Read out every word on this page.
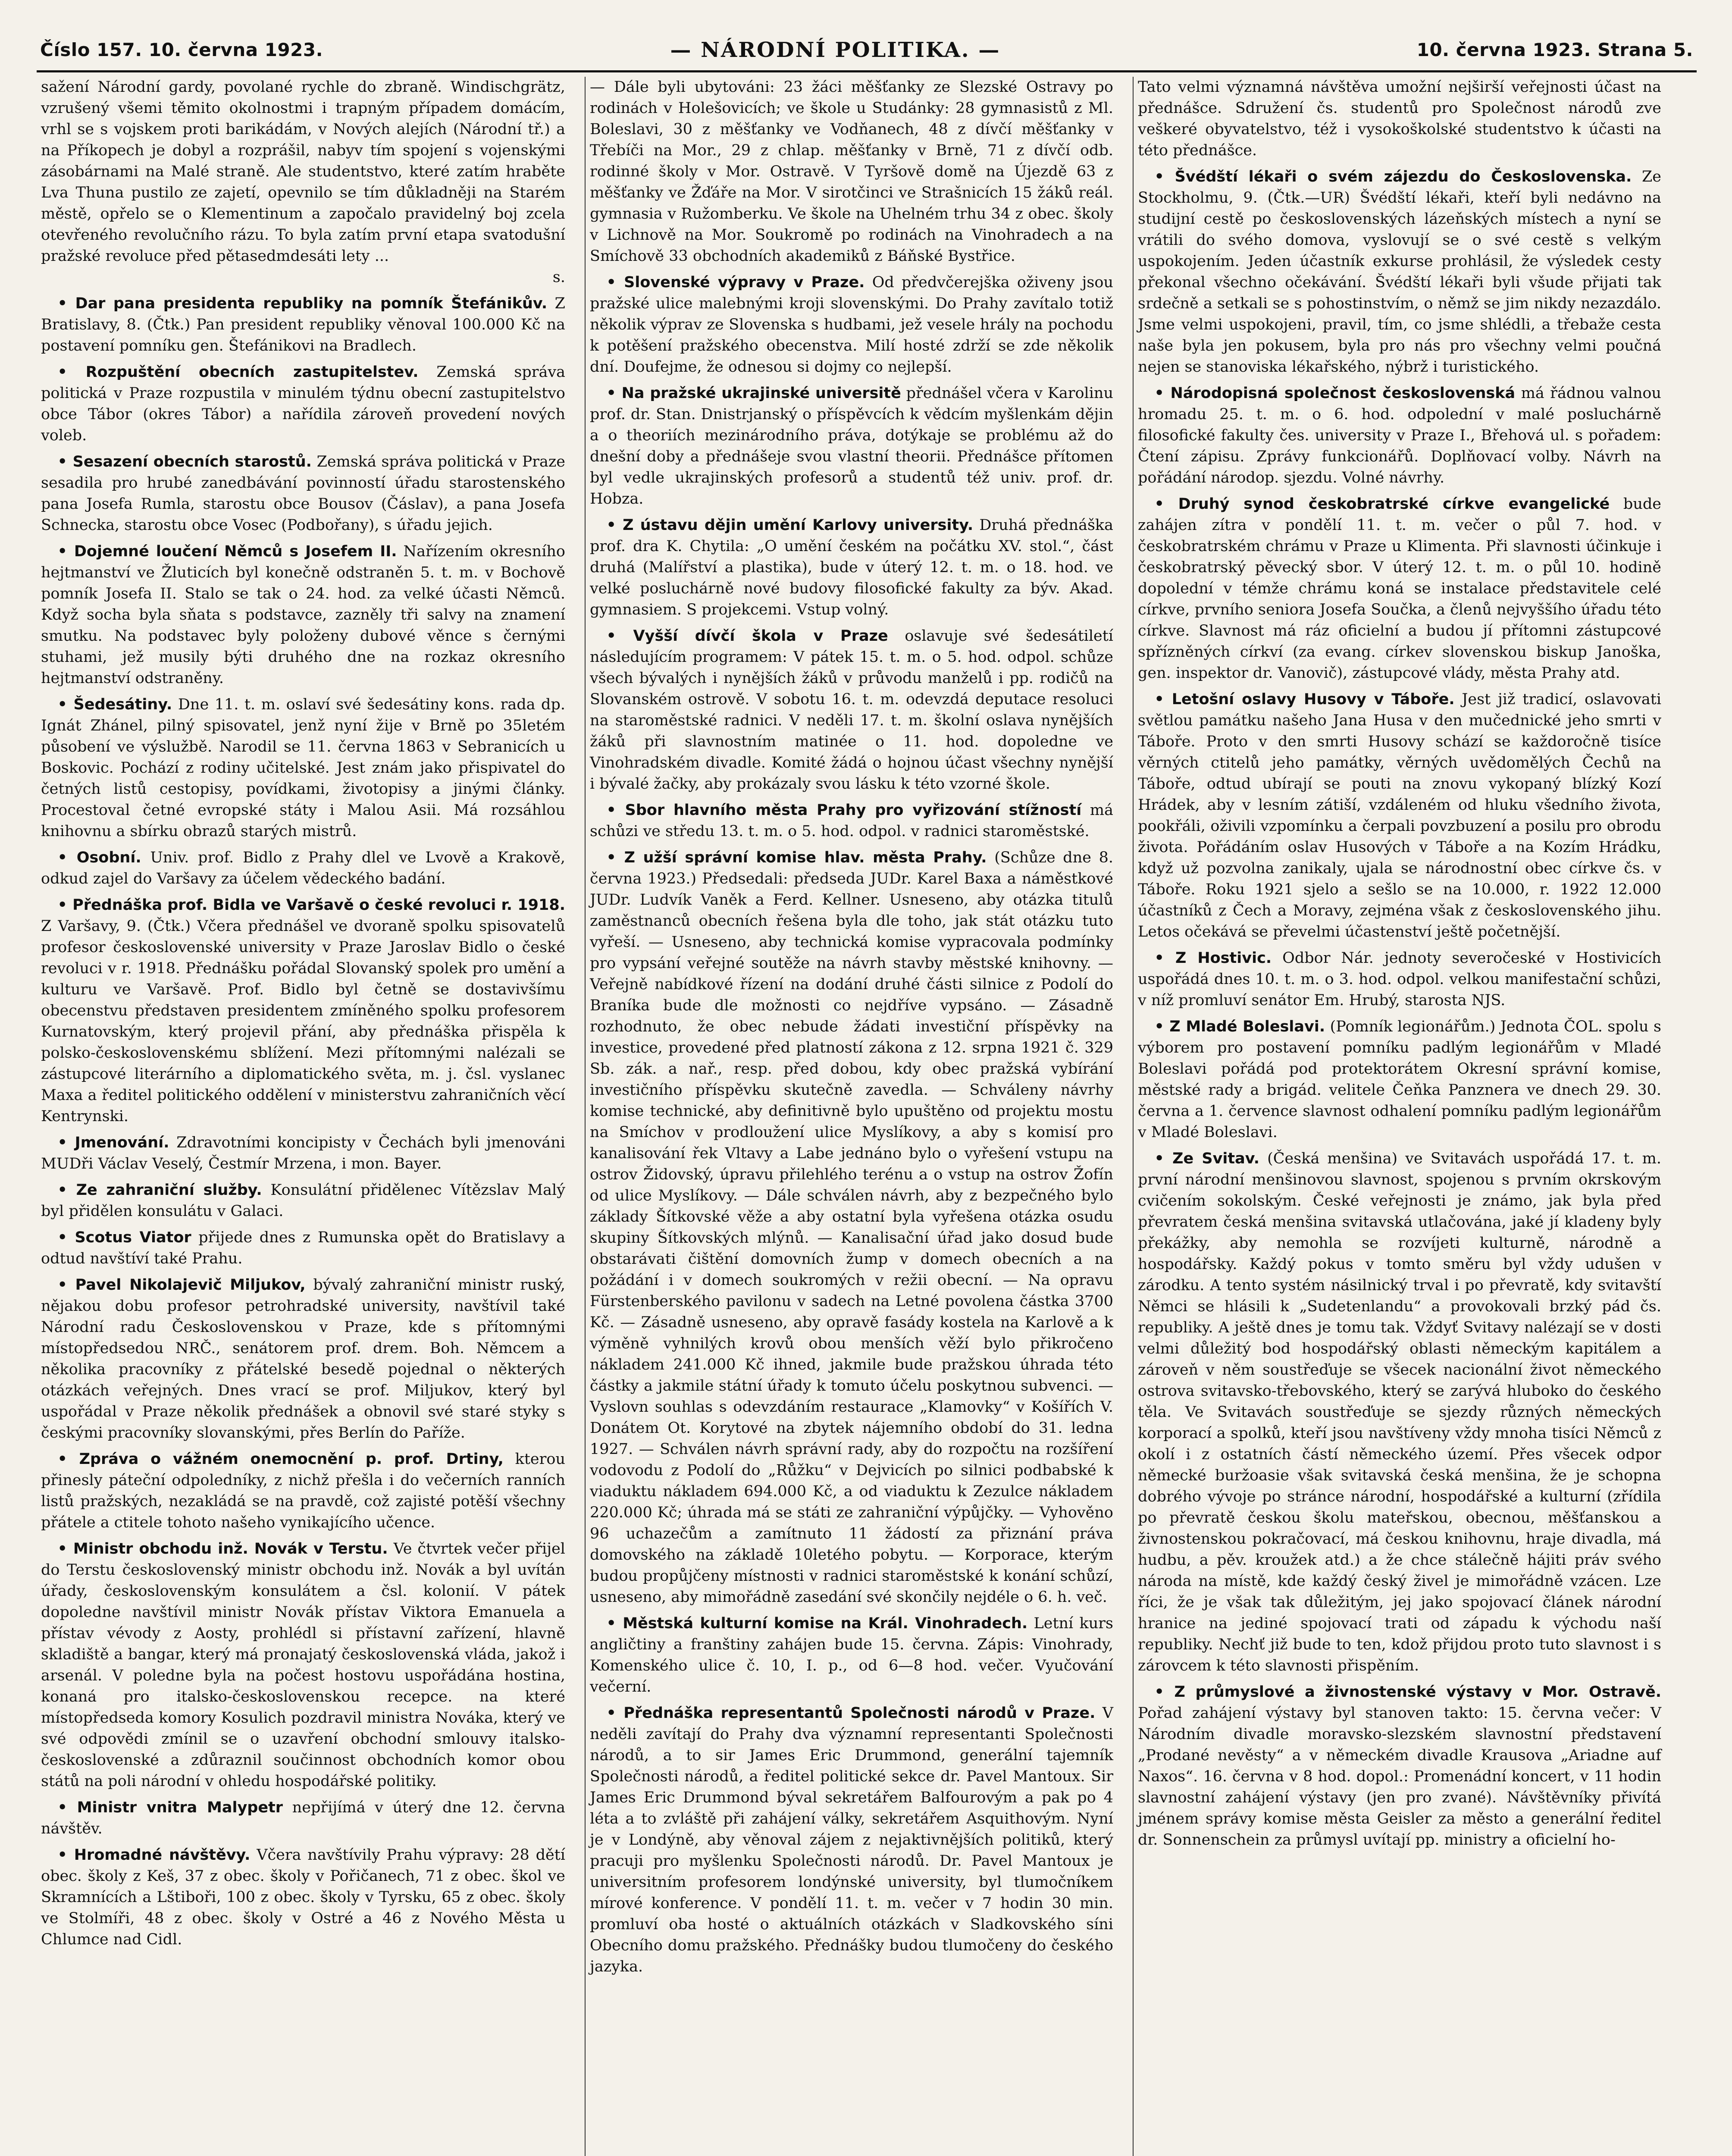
Číslo 157. 10. června 1923.	— NÁRODNÍ POLITIKA. —	10. června 1923. Strana 5.

sažení Národní gardy, povolané rychle do zbraně. Windischgrätz, vzrušený všemi těmito okolnostmi i trapným případem domácím, vrhl se s vojskem proti barikádám, v Nových alejích (Národní tř.) a na Příkopech je dobyl a rozprášil, nabyv tím spojení s vojenskými zásobárnami na Malé straně. Ale studentstvo, které zatím hraběte Lva Thuna pustilo ze zajetí, opevnilo se tím důkladněji na Starém městě, opřelo se o Klementinum a započalo pravidelný boj zcela otevřeného revolučního rázu. To byla zatím první etapa svatodušní pražské revoluce před pětasedmdesáti lety ...
s.

• Dar pana presidenta republiky na pomník Štefánikův. Z Bratislavy, 8. (Čtk.) Pan president republiky věnoval 100.000 Kč na postavení pomníku gen. Štefánikovi na Bradlech.

• Rozpuštění obecních zastupitelstev. Zemská správa politická v Praze rozpustila v minulém týdnu obecní zastupitelstvo obce Tábor (okres Tábor) a nařídila zároveň provedení nových voleb.

• Sesazení obecních starostů. Zemská správa politická v Praze sesadila pro hrubé zanedbávání povinností úřadu starostenského pana Josefa Rumla, starostu obce Bousov (Čáslav), a pana Josefa Schnecka, starostu obce Vosec (Podbořany), s úřadu jejich.

• Dojemné loučení Němců s Josefem II. Nařízením okresního hejtmanství ve Žluticích byl konečně odstraněn 5. t. m. v Bochově pomník Josefa II. Stalo se tak o 24. hod. za velké účasti Němců. Když socha byla sňata s podstavce, zazněly tři salvy na znamení smutku. Na podstavec byly položeny dubové věnce s černými stuhami, jež musily býti druhého dne na rozkaz okresního hejtmanství odstraněny.

• Šedesátiny. Dne 11. t. m. oslaví své šedesátiny kons. rada dp. Ignát Zhánel, pilný spisovatel, jenž nyní žije v Brně po 35letém působení ve výslužbě. Narodil se 11. června 1863 v Sebranicích u Boskovic. Pochází z rodiny učitelské. Jest znám jako přispivatel do četných listů cestopisy, povídkami, životopisy a jinými články. Procestoval četné evropské státy i Malou Asii. Má rozsáhlou knihovnu a sbírku obrazů starých mistrů.

• Osobní. Univ. prof. Bidlo z Prahy dlel ve Lvově a Krakově, odkud zajel do Varšavy za účelem vědeckého badání.

• Přednáška prof. Bidla ve Varšavě o české revoluci r. 1918. Z Varšavy, 9. (Čtk.) Včera přednášel ve dvoraně spolku spisovatelů profesor československé university v Praze Jaroslav Bidlo o české revoluci v r. 1918. Přednášku pořádal Slovanský spolek pro umění a kulturu ve Varšavě. Prof. Bidlo byl četně se dostavivšímu obecenstvu představen presidentem zmíněného spolku profesorem Kurnatovským, který projevil přání, aby přednáška přispěla k polsko-československému sblížení. Mezi přítomnými nalézali se zástupcové literárního a diplomatického světa, m. j. čsl. vyslanec Maxa a ředitel politického oddělení v ministerstvu zahraničních věcí Kentrynski.

• Jmenování. Zdravotními koncipisty v Čechách byli jmenováni MUDři Václav Veselý, Čestmír Mrzena, i mon. Bayer.

• Ze zahraniční služby. Konsulátní přidělenec Vítězslav Malý byl přidělen konsulátu v Galaci.

• Scotus Viator přijede dnes z Rumunska opět do Bratislavy a odtud navštíví také Prahu.

• Pavel Nikolajevič Miljukov, bývalý zahraniční ministr ruský, nějakou dobu profesor petrohradské university, navštívil také Národní radu Československou v Praze, kde s přítomnými místopředsedou NRČ., senátorem prof. drem. Boh. Němcem a několika pracovníky z přátelské besedě pojednal o některých otázkách veřejných. Dnes vrací se prof. Miljukov, který byl uspořádal v Praze několik přednášek a obnovil své staré styky s českými pracovníky slovanskými, přes Berlín do Paříže.

• Zpráva o vážném onemocnění p. prof. Drtiny, kterou přinesly páteční odpoledníky, z nichž přešla i do večerních ranních listů pražských, nezakládá se na pravdě, což zajisté potěší všechny přátele a ctitele tohoto našeho vynikajícího učence.

• Ministr obchodu inž. Novák v Terstu. Ve čtvrtek večer přijel do Terstu československý ministr obchodu inž. Novák a byl uvítán úřady, československým konsulátem a čsl. kolonií. V pátek dopoledne navštívil ministr Novák přístav Viktora Emanuela a přístav vévody z Aosty, prohlédl si přístavní zařízení, hlavně skladiště a bangar, který má pronajatý československá vláda, jakož i arsenál. V poledne byla na počest hostovu uspořádána hostina, konaná pro italsko-československou recepce. na které místopředseda komory Kosulich pozdravil ministra Nováka, který ve své odpovědi zmínil se o uzavření obchodní smlouvy italsko-československé a zdůraznil součinnost obchodních komor obou států na poli národní v ohledu hospodářské politiky.

• Ministr vnitra Malypetr nepřijímá v úterý dne 12. června návštěv.

• Hromadné návštěvy. Včera navštívily Prahu výpravy: 28 dětí obec. školy z Keš, 37 z obec. školy v Pořičanech, 71 z obec. škol ve Skramnících a Lštiboři, 100 z obec. školy v Tyrsku, 65 z obec. školy ve Stolmíři, 48 z obec. školy v Ostré a 46 z Nového Města u Chlumce nad Cidl.

— Dále byli ubytováni: 23 žáci měšťanky ze Slezské Ostravy po rodinách v Holešovicích; ve škole u Studánky: 28 gymnasistů z Ml. Boleslavi, 30 z měšťanky ve Vodňanech, 48 z dívčí měšťanky v Třebíči na Mor., 29 z chlap. měšťanky v Brně, 71 z dívčí odb. rodinné školy v Mor. Ostravě. V Tyršově domě na Újezdě 63 z měšťanky ve Žďáře na Mor. V sirotčinci ve Strašnicích 15 žáků reál. gymnasia v Ružomberku. Ve škole na Uhelném trhu 34 z obec. školy v Lichnově na Mor. Soukromě po rodinách na Vinohradech a na Smíchově 33 obchodních akademiků z Báňské Bystřice.

• Slovenské výpravy v Praze. Od předvčerejška oživeny jsou pražské ulice malebnými kroji slovenskými. Do Prahy zavítalo totiž několik výprav ze Slovenska s hudbami, jež vesele hrály na pochodu k potěšení pražského obecenstva. Milí hosté zdrží se zde několik dní. Doufejme, že odnesou si dojmy co nejlepší.

• Na pražské ukrajinské universitě přednášel včera v Karolinu prof. dr. Stan. Dnistrjanský o příspěvcích k vědcím myšlenkám dějin a o theoriích mezinárodního práva, dotýkaje se problému až do dnešní doby a přednášeje svou vlastní theorii. Přednášce přítomen byl vedle ukrajinských profesorů a studentů též univ. prof. dr. Hobza.

• Z ústavu dějin umění Karlovy university. Druhá přednáška prof. dra K. Chytila: „O umění českém na počátku XV. stol.“, část druhá (Malířství a plastika), bude v úterý 12. t. m. o 18. hod. ve velké posluchárně nové budovy filosofické fakulty za býv. Akad. gymnasiem. S projekcemi. Vstup volný.

• Vyšší dívčí škola v Praze oslavuje své šedesátiletí následujícím programem: V pátek 15. t. m. o 5. hod. odpol. schůze všech bývalých i nynějších žáků v průvodu manželů i pp. rodičů na Slovanském ostrově. V sobotu 16. t. m. odevzdá deputace resoluci na staroměstské radnici. V neděli 17. t. m. školní oslava nynějších žáků při slavnostním matinée o 11. hod. dopoledne ve Vinohradském divadle. Komité žádá o hojnou účast všechny nynější i bývalé žačky, aby prokázaly svou lásku k této vzorné škole.

• Sbor hlavního města Prahy pro vyřizování stížností má schůzi ve středu 13. t. m. o 5. hod. odpol. v radnici staroměstské.

• Z užší správní komise hlav. města Prahy. (Schůze dne 8. června 1923.) Předsedali: předseda JUDr. Karel Baxa a náměstkové JUDr. Ludvík Vaněk a Ferd. Kellner. Usneseno, aby otázka titulů zaměstnanců obecních řešena byla dle toho, jak stát otázku tuto vyřeší. — Usneseno, aby technická komise vypracovala podmínky pro vypsání veřejné soutěže na návrh stavby městské knihovny. — Veřejně nabídkové řízení na dodání druhé části silnice z Podolí do Braníka bude dle možnosti co nejdříve vypsáno. — Zásadně rozhodnuto, že obec nebude žádati investiční příspěvky na investice, provedené před platností zákona z 12. srpna 1921 č. 329 Sb. zák. a nař., resp. před dobou, kdy obec pražská vybírání investičního příspěvku skutečně zavedla. — Schváleny návrhy komise technické, aby definitivně bylo upuštěno od projektu mostu na Smíchov v prodloužení ulice Myslíkovy, a aby s komisí pro kanalisování řek Vltavy a Labe jednáno bylo o vyřešení vstupu na ostrov Židovský, úpravu přilehlého terénu a o vstup na ostrov Žofín od ulice Myslíkovy. — Dále schválen návrh, aby z bezpečného bylo základy Šítkovské věže a aby ostatní byla vyřešena otázka osudu skupiny Šítkovských mlýnů. — Kanalisační úřad jako dosud bude obstarávati čištění domovních žump v domech obecních a na požádání i v domech soukromých v režii obecní. — Na opravu Fürstenberského pavilonu v sadech na Letné povolena částka 3700 Kč. — Zásadně usneseno, aby opravě fasády kostela na Karlově a k výměně vyhnilých krovů obou menších věží bylo přikročeno nákladem 241.000 Kč ihned, jakmile bude pražskou úhrada této částky a jakmile státní úřady k tomuto účelu poskytnou subvenci. — Vyslovn souhlas s odevzdáním restaurace „Klamovky“ v Košířích V. Donátem Ot. Korytové na zbytek nájemního období do 31. ledna 1927. — Schválen návrh správní rady, aby do rozpočtu na rozšíření vodovodu z Podolí do „Růžku“ v Dejvicích po silnici podbabské k viaduktu nákladem 694.000 Kč, a od viaduktu k Zezulce nákladem 220.000 Kč; úhrada má se státi ze zahraniční výpůjčky. — Vyhověno 96 uchazečům a zamítnuto 11 žádostí za přiznání práva domovského na základě 10letého pobytu. — Korporace, kterým budou propůjčeny místnosti v radnici staroměstské k konání schůzí, usneseno, aby mimořádně zasedání své skončily nejdéle o 6. h. več.

• Městská kulturní komise na Král. Vinohradech. Letní kurs angličtiny a franštiny zahájen bude 15. června. Zápis: Vinohrady, Komenského ulice č. 10, I. p., od 6—8 hod. večer. Vyučování večerní.

• Přednáška representantů Společnosti národů v Praze. V neděli zavítají do Prahy dva významní representanti Společnosti národů, a to sir James Eric Drummond, generální tajemník Společnosti národů, a ředitel politické sekce dr. Pavel Mantoux. Sir James Eric Drummond býval sekretářem Balfourovým a pak po 4 léta a to zvláště při zahájení války, sekretářem Asquithovým. Nyní je v Londýně, aby věnoval zájem z nejaktivnějších politiků, který pracuji pro myšlenku Společnosti národů. Dr. Pavel Mantoux je universitním profesorem londýnské university, byl tlumočníkem mírové konference. V pondělí 11. t. m. večer v 7 hodin 30 min. promluví oba hosté o aktuálních otázkách v Sladkovského síni Obecního domu pražského. Přednášky budou tlumočeny do českého jazyka.

Tato velmi významná návštěva umožní nejširší veřejnosti účast na přednášce. Sdružení čs. studentů pro Společnost národů zve veškeré obyvatelstvo, též i vysokoškolské studentstvo k účasti na této přednášce.

• Švédští lékaři o svém zájezdu do Československa. Ze Stockholmu, 9. (Čtk.—UR) Švédští lékaři, kteří byli nedávno na studijní cestě po československých lázeňských místech a nyní se vrátili do svého domova, vyslovují se o své cestě s velkým uspokojením. Jeden účastník exkurse prohlásil, že výsledek cesty překonal všechno očekávání. Švédští lékaři byli všude přijati tak srdečně a setkali se s pohostinstvím, o němž se jim nikdy nezazdálo. Jsme velmi uspokojeni, pravil, tím, co jsme shlédli, a třebaže cesta naše byla jen pokusem, byla pro nás pro všechny velmi poučná nejen se stanoviska lékařského, nýbrž i turistického.

• Národopisná společnost československá má řádnou valnou hromadu 25. t. m. o 6. hod. odpolední v malé posluchárně filosofické fakulty čes. university v Praze I., Břehová ul. s pořadem: Čtení zápisu. Zprávy funkcionářů. Doplňovací volby. Návrh na pořádání národop. sjezdu. Volné návrhy.

• Druhý synod českobratrské církve evangelické bude zahájen zítra v pondělí 11. t. m. večer o půl 7. hod. v českobratrském chrámu v Praze u Klimenta. Při slavnosti účinkuje i českobratrský pěvecký sbor. V úterý 12. t. m. o půl 10. hodině dopolední v témže chrámu koná se instalace představitele celé církve, prvního seniora Josefa Součka, a členů nejvyššího úřadu této církve. Slavnost má ráz oficielní a budou jí přítomni zástupcové spřízněných církví (za evang. církev slovenskou biskup Janoška, gen. inspektor dr. Vanovič), zástupcové vlády, města Prahy atd.

• Letošní oslavy Husovy v Táboře. Jest již tradicí, oslavovati světlou památku našeho Jana Husa v den mučednické jeho smrti v Táboře. Proto v den smrti Husovy schází se každoročně tisíce věrných ctitelů jeho památky, věrných uvědomělých Čechů na Táboře, odtud ubírají se pouti na znovu vykopaný blízký Kozí Hrádek, aby v lesním zátiší, vzdáleném od hluku všedního života, pookřáli, oživili vzpomínku a čerpali povzbuzení a posilu pro obrodu života. Pořádáním oslav Husových v Táboře a na Kozím Hrádku, když už pozvolna zanikaly, ujala se národnostní obec církve čs. v Táboře. Roku 1921 sjelo a sešlo se na 10.000, r. 1922 12.000 účastníků z Čech a Moravy, zejména však z československého jihu. Letos očekává se převelmi účastenství ještě početnější.

• Z Hostivic. Odbor Nár. jednoty severočeské v Hostivicích uspořádá dnes 10. t. m. o 3. hod. odpol. velkou manifestační schůzi, v níž promluví senátor Em. Hrubý, starosta NJS.

• Z Mladé Boleslavi. (Pomník legionářům.) Jednota ČOL. spolu s výborem pro postavení pomníku padlým legionářům v Mladé Boleslavi pořádá pod protektorátem Okresní správní komise, městské rady a brigád. velitele Čeňka Panznera ve dnech 29. 30. června a 1. července slavnost odhalení pomníku padlým legionářům v Mladé Boleslavi.

• Ze Svitav. (Česká menšina) ve Svitavách uspořádá 17. t. m. první národní menšinovou slavnost, spojenou s prvním okrskovým cvičením sokolským. České veřejnosti je známo, jak byla před převratem česká menšina svitavská utlačována, jaké jí kladeny byly překážky, aby nemohla se rozvíjeti kulturně, národně a hospodářsky. Každý pokus v tomto směru byl vždy udušen v zárodku. A tento systém násilnický trval i po převratě, kdy svitavští Němci se hlásili k „Sudetenlandu“ a provokovali brzký pád čs. republiky. A ještě dnes je tomu tak. Vždyť Svitavy nalézají se v dosti velmi důležitý bod hospodářský oblasti německým kapitálem a zároveň v něm soustřeďuje se všecek nacionální život německého ostrova svitavsko-třebovského, který se zarývá hluboko do českého těla. Ve Svitavách soustřeďuje se sjezdy různých německých korporací a spolků, kteří jsou navštíveny vždy mnoha tisíci Němců z okolí i z ostatních částí německého území. Přes všecek odpor německé buržoasie však svitavská česká menšina, že je schopna dobrého vývoje po stránce národní, hospodářské a kulturní (zřídila po převratě českou školu mateřskou, obecnou, měšťanskou a živnostenskou pokračovací, má českou knihovnu, hraje divadla, má hudbu, a pěv. kroužek atd.) a že chce stálečně hájiti práv svého národa na místě, kde každý český živel je mimořádně vzácen. Lze říci, že je však tak důležitým, jej jako spojovací článek národní hranice na jediné spojovací trati od západu k východu naší republiky. Nechť již bude to ten, kdož přijdou proto tuto slavnost i s zárovcem k této slavnosti přispěním.

• Z průmyslové a živnostenské výstavy v Mor. Ostravě. Pořad zahájení výstavy byl stanoven takto: 15. června večer: V Národním divadle moravsko-slezském slavnostní představení „Prodané nevěsty“ a v německém divadle Krausova „Ariadne auf Naxos“. 16. června v 8 hod. dopol.: Promenádní koncert, v 11 hodin slavnostní zahájení výstavy (jen pro zvané). Návštěvníky přivítá jménem správy komise města Geisler za město a generální ředitel dr. Sonnenschein za průmysl uvítají pp. ministry a oficielní ho-
